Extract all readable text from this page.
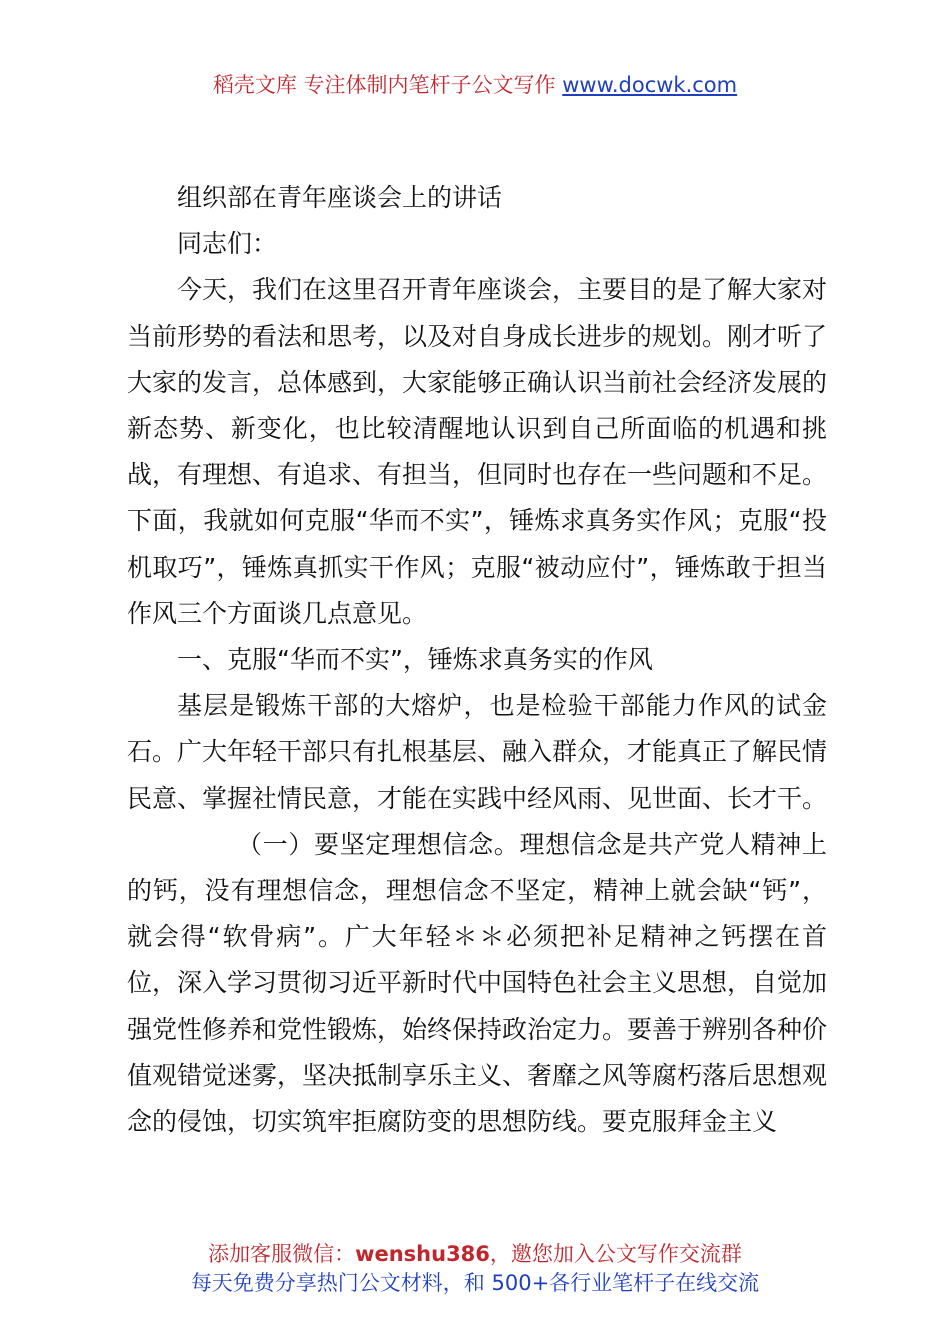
稻壳文库 专注体制内笔杆子公文写作 www.docwk.com

组织部在青年座谈会上的讲话

同志们：

今天，我们在这里召开青年座谈会，主要目的是了解大家对当前形势的看法和思考，以及对自身成长进步的规划。刚才听了大家的发言，总体感到，大家能够正确认识当前社会经济发展的新态势、新变化，也比较清醒地认识到自己所面临的机遇和挑战，有理想、有追求、有担当，但同时也存在一些问题和不足。下面，我就如何克服“华而不实”，锤炼求真务实作风；克服“投机取巧”，锤炼真抓实干作风；克服“被动应付”，锤炼敢于担当作风三个方面谈几点意见。

一、克服“华而不实”，锤炼求真务实的作风

基层是锻炼干部的大熔炉，也是检验干部能力作风的试金石。广大年轻干部只有扎根基层、融入群众，才能真正了解民情民意、掌握社情民意，才能在实践中经风雨、见世面、长才干。

（一）要坚定理想信念。理想信念是共产党人精神上的钙，没有理想信念，理想信念不坚定，精神上就会缺“钙”，就会得“软骨病”。广大年轻＊＊必须把补足精神之钙摆在首位，深入学习贯彻习近平新时代中国特色社会主义思想，自觉加强党性修养和党性锻炼，始终保持政治定力。要善于辨别各种价值观错觉迷雾，坚决抵制享乐主义、奢靡之风等腐朽落后思想观念的侵蚀，切实筑牢拒腐防变的思想防线。要克服拜金主义

添加客服微信：wenshu386，邀您加入公文写作交流群
每天免费分享热门公文材料，和 500+各行业笔杆子在线交流
